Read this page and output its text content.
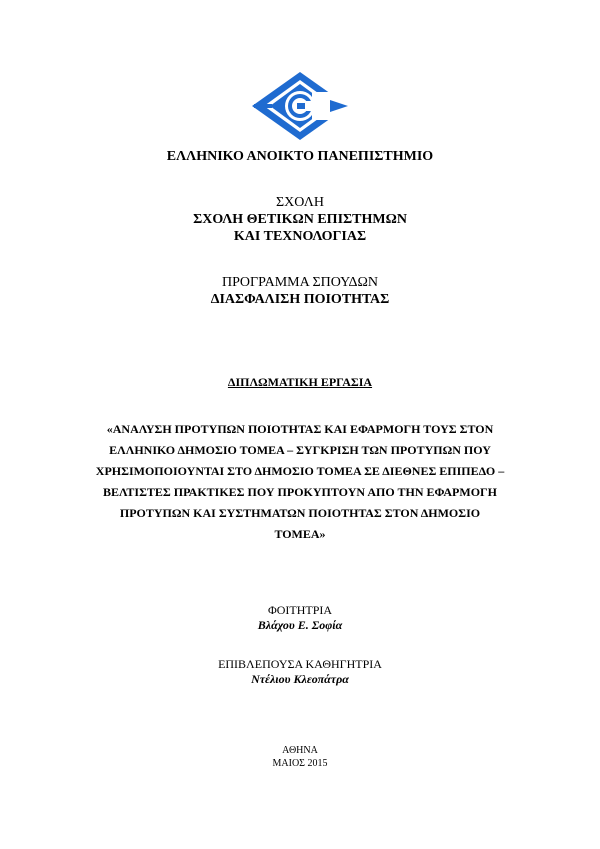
ΕΛΛΗΝΙΚΟ ΑΝΟΙΚΤΟ ΠΑΝΕΠΙΣΤΗΜΙΟ
ΣΧΟΛΗ
ΣΧΟΛΗ ΘΕΤΙΚΩΝ ΕΠΙΣΤΗΜΩΝ
ΚΑΙ ΤΕΧΝΟΛΟΓΙΑΣ
ΠΡΟΓΡΑΜΜΑ ΣΠΟΥΔΩΝ
ΔΙΑΣΦΑΛΙΣΗ ΠΟΙΟΤΗΤΑΣ
ΔΙΠΛΩΜΑΤΙΚΗ ΕΡΓΑΣΙΑ
«ΑΝΑΛΥΣΗ ΠΡΟΤΥΠΩΝ ΠΟΙΟΤΗΤΑΣ ΚΑΙ ΕΦΑΡΜΟΓΗ ΤΟΥΣ ΣΤΟΝ
ΕΛΛΗΝΙΚΟ ΔΗΜΟΣΙΟ ΤΟΜΕΑ – ΣΥΓΚΡΙΣΗ ΤΩΝ ΠΡΟΤΥΠΩΝ ΠΟΥ
ΧΡΗΣΙΜΟΠΟΙΟΥΝΤΑΙ ΣΤΟ ΔΗΜΟΣΙΟ ΤΟΜΕΑ ΣΕ ΔΙΕΘΝΕΣ ΕΠΙΠΕΔΟ –
ΒΕΛΤΙΣΤΕΣ ΠΡΑΚΤΙΚΕΣ ΠΟΥ ΠΡΟΚΥΠΤΟΥΝ ΑΠΟ ΤΗΝ ΕΦΑΡΜΟΓΗ
ΠΡΟΤΥΠΩΝ ΚΑΙ ΣΥΣΤΗΜΑΤΩΝ ΠΟΙΟΤΗΤΑΣ ΣΤΟΝ ΔΗΜΟΣΙΟ
ΤΟΜΕΑ»
ΦΟΙΤΗΤΡΙΑ
Βλάχου Ε. Σοφία
ΕΠΙΒΛΕΠΟΥΣΑ ΚΑΘΗΓΗΤΡΙΑ
Ντέλιου Κλεοπάτρα
ΑΘΗΝΑ
ΜΑΙΟΣ 2015
